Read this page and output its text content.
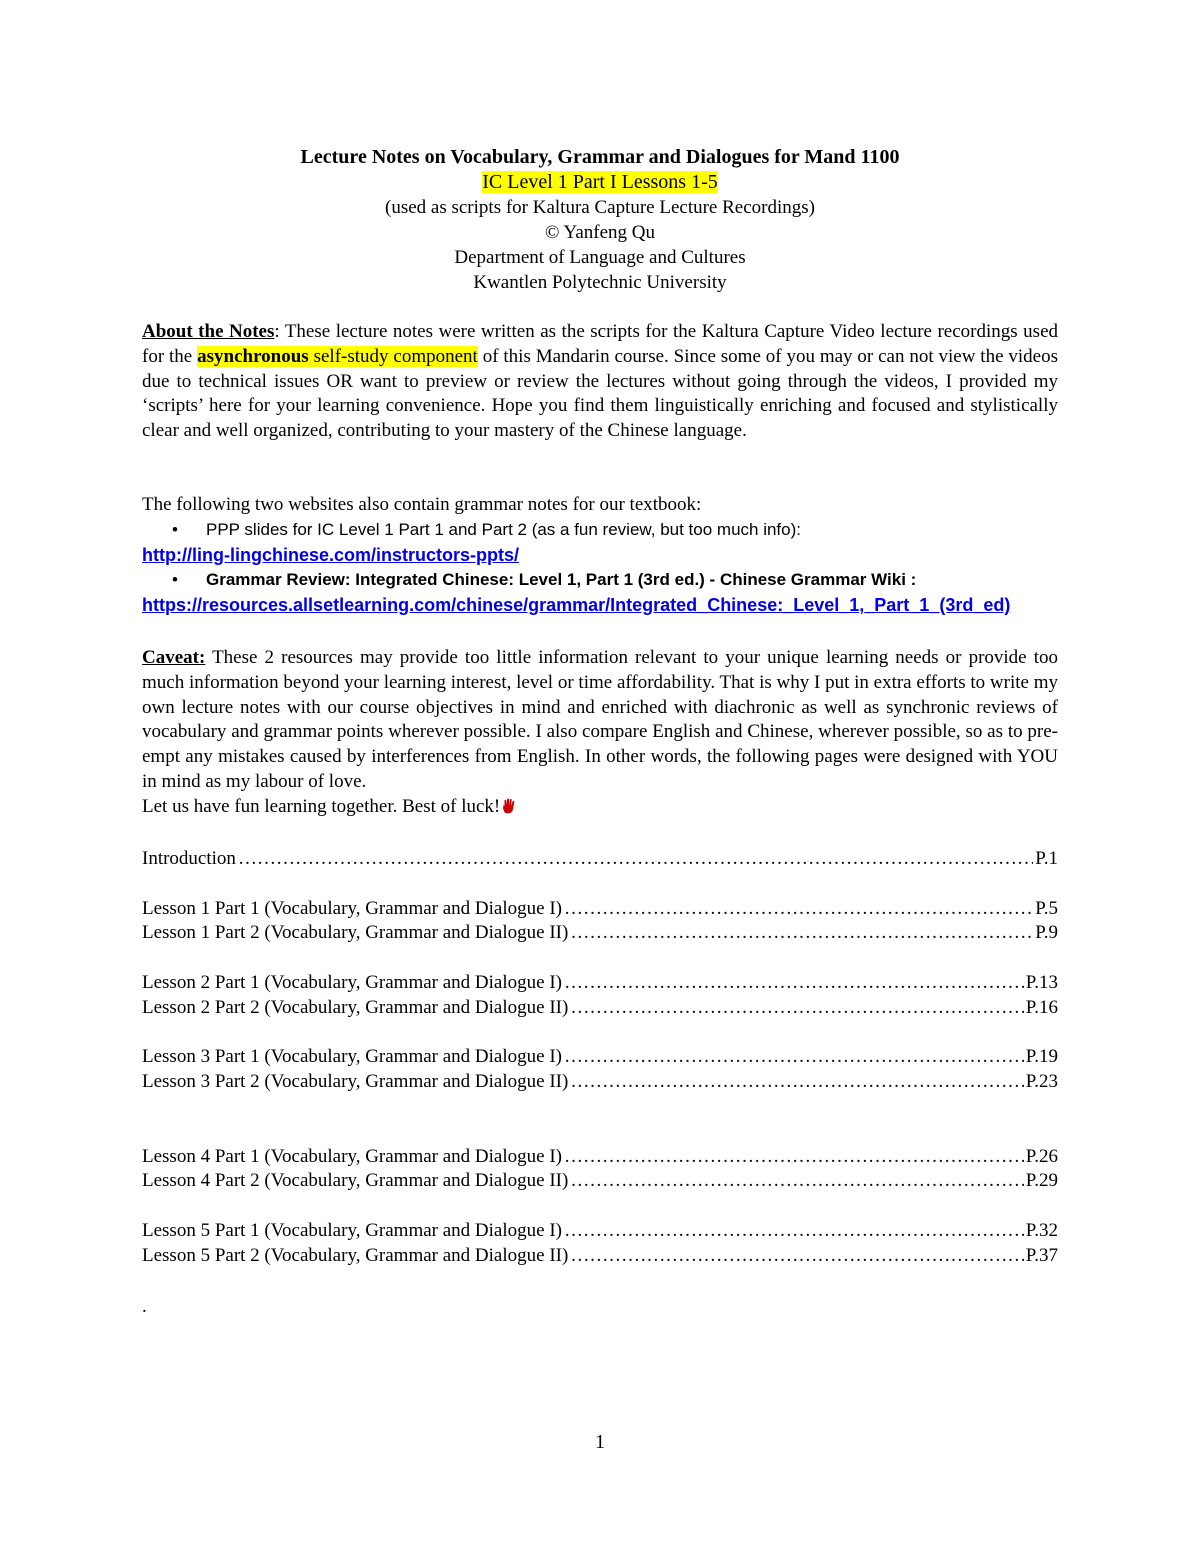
Lecture Notes on Vocabulary, Grammar and Dialogues for Mand 1100
IC Level 1 Part I Lessons 1-5
(used as scripts for Kaltura Capture Lecture Recordings)
© Yanfeng Qu
Department of Language and Cultures
Kwantlen Polytechnic University
About the Notes: These lecture notes were written as the scripts for the Kaltura Capture Video lecture recordings used for the asynchronous self-study component of this Mandarin course. Since some of you may or can not view the videos due to technical issues OR want to preview or review the lectures without going through the videos, I provided my ‘scripts’ here for your learning convenience. Hope you find them linguistically enriching and focused and stylistically clear and well organized, contributing to your mastery of the Chinese language.
The following two websites also contain grammar notes for our textbook:
• PPP slides for IC Level 1 Part 1 and Part 2 (as a fun review, but too much info):
http://ling-lingchinese.com/instructors-ppts/
• Grammar Review: Integrated Chinese: Level 1, Part 1 (3rd ed.) - Chinese Grammar Wiki :
https://resources.allsetlearning.com/chinese/grammar/Integrated_Chinese:_Level_1,_Part_1_(3rd_ed)
Caveat: These 2 resources may provide too little information relevant to your unique learning needs or provide too much information beyond your learning interest, level or time affordability. That is why I put in extra efforts to write my own lecture notes with our course objectives in mind and enriched with diachronic as well as synchronic reviews of vocabulary and grammar points wherever possible. I also compare English and Chinese, wherever possible, so as to pre-empt any mistakes caused by interferences from English. In other words, the following pages were designed with YOU in mind as my labour of love.
Let us have fun learning together. Best of luck!
Introduction ……………………………………………………………………………………………………………………………………………………………………………	P.1
Lesson 1 Part 1 (Vocabulary, Grammar and Dialogue I) ……………………………………………………………………………………………………………………………………………………………………………	P.5
Lesson 1 Part 2 (Vocabulary, Grammar and Dialogue II) ……………………………………………………………………………………………………………………………………………………………………………	P.9
Lesson 2 Part 1 (Vocabulary, Grammar and Dialogue I) ……………………………………………………………………………………………………………………………………………………………………………	P.13
Lesson 2 Part 2 (Vocabulary, Grammar and Dialogue II) ……………………………………………………………………………………………………………………………………………………………………………	P.16
Lesson 3 Part 1 (Vocabulary, Grammar and Dialogue I) ……………………………………………………………………………………………………………………………………………………………………………	P.19
Lesson 3 Part 2 (Vocabulary, Grammar and Dialogue II) ……………………………………………………………………………………………………………………………………………………………………………	P.23
Lesson 4 Part 1 (Vocabulary, Grammar and Dialogue I) ……………………………………………………………………………………………………………………………………………………………………………	P.26
Lesson 4 Part 2 (Vocabulary, Grammar and Dialogue II) ……………………………………………………………………………………………………………………………………………………………………………	P.29
Lesson 5 Part 1 (Vocabulary, Grammar and Dialogue I) ……………………………………………………………………………………………………………………………………………………………………………	P.32
Lesson 5 Part 2 (Vocabulary, Grammar and Dialogue II) ……………………………………………………………………………………………………………………………………………………………………………	P.37
.
1
